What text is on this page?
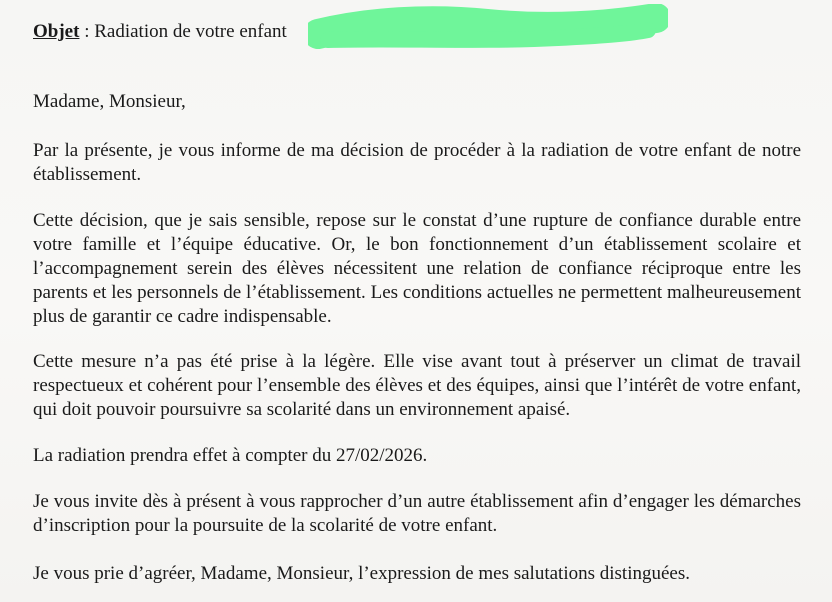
Objet : Radiation de votre enfant
Madame, Monsieur,
Par la présente, je vous informe de ma décision de procéder à la radiation de votre enfant de notre établissement.
Cette décision, que je sais sensible, repose sur le constat d’une rupture de confiance durable entre votre famille et l’équipe éducative. Or, le bon fonctionnement d’un établissement scolaire et l’accompagnement serein des élèves nécessitent une relation de confiance réciproque entre les parents et les personnels de l’établissement. Les conditions actuelles ne permettent malheureusement plus de garantir ce cadre indispensable.
Cette mesure n’a pas été prise à la légère. Elle vise avant tout à préserver un climat de travail respectueux et cohérent pour l’ensemble des élèves et des équipes, ainsi que l’intérêt de votre enfant, qui doit pouvoir poursuivre sa scolarité dans un environnement apaisé.
La radiation prendra effet à compter du 27/02/2026.
Je vous invite dès à présent à vous rapprocher d’un autre établissement afin d’engager les démarches d’inscription pour la poursuite de la scolarité de votre enfant.
Je vous prie d’agréer, Madame, Monsieur, l’expression de mes salutations distinguées.
